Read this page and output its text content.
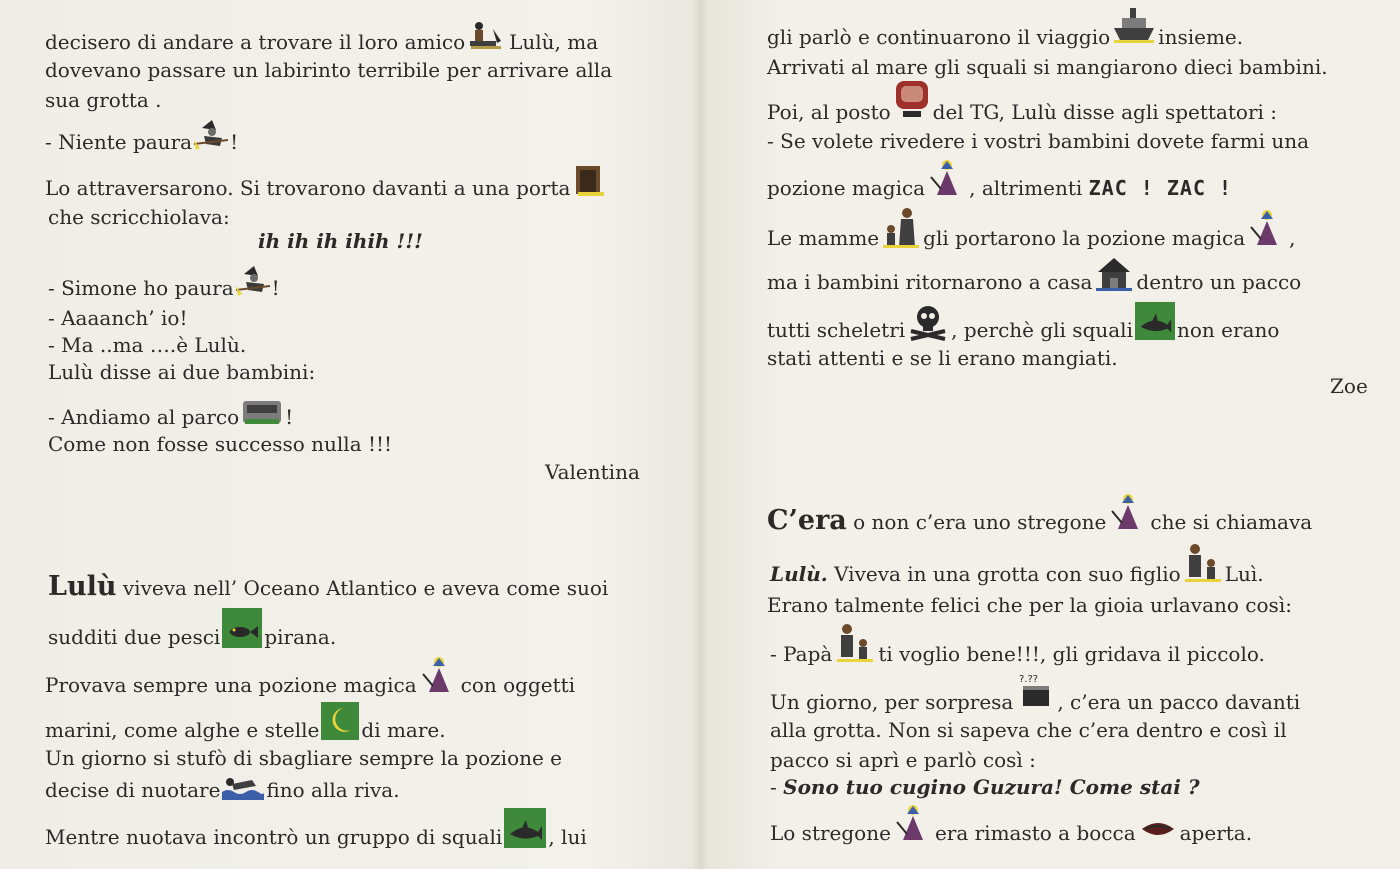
decisero di andare a trovare il loro amico Lulù, ma
dovevano passare un labirinto terribile per arrivare alla
sua grotta .
- Niente paura !
Lo attraversarono. Si trovarono davanti a una porta
che scricchiolava:
ih ih ih ihih !!!
- Simone ho paura !
- Aaaanch’ io!
- Ma ..ma ….è Lulù.
Lulù disse ai due bambini:
- Andiamo al parco !
Come non fosse successo nulla !!!
Valentina
Lulù viveva nell’ Oceano Atlantico e aveva come suoi
sudditi due pesci pirana.
Provava sempre una pozione magica con oggetti
marini, come alghe e stelle di mare.
Un giorno si stufò di sbagliare sempre la pozione e
decise di nuotare fino alla riva.
Mentre nuotava incontrò un gruppo di squali , lui
gli parlò e continuarono il viaggio insieme.
Arrivati al mare gli squali si mangiarono dieci bambini.
Poi, al posto del TG, Lulù disse agli spettatori :
- Se volete rivedere i vostri bambini dovete farmi una
pozione magica , altrimenti ZAC ! ZAC !
Le mamme gli portarono la pozione magica ,
ma i bambini ritornarono a casa dentro un pacco
tutti scheletri , perchè gli squali non erano
stati attenti e se li erano mangiati.
Zoe
C’era o non c’era uno stregone che si chiamava
Lulù. Viveva in una grotta con suo figlio Luì.
Erano talmente felici che per la gioia urlavano così:
- Papà ti voglio bene!!!, gli gridava il piccolo.
Un giorno, per sorpresa
?.??
, c’era un pacco davanti
alla grotta. Non si sapeva che c’era dentro e così il
pacco si aprì e parlò così :
- Sono tuo cugino Guzura! Come stai ?
Lo stregone era rimasto a bocca aperta.
